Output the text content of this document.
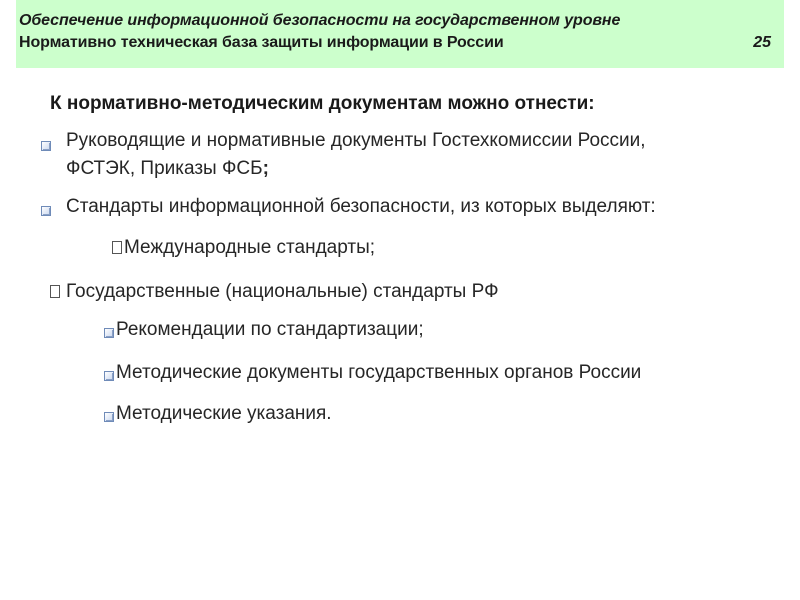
Обеспечение информационной безопасности на государственном уровне
Нормативно техническая база защиты информации в России	25
К нормативно-методическим документам можно отнести:
Руководящие и нормативные документы Гостехкомиссии России,
ФСТЭК, Приказы ФСБ;
Стандарты информационной безопасности, из которых выделяют:
Международные стандарты;
Государственные (национальные) стандарты РФ
Рекомендации по стандартизации;
Методические документы государственных органов России
Методические указания.
